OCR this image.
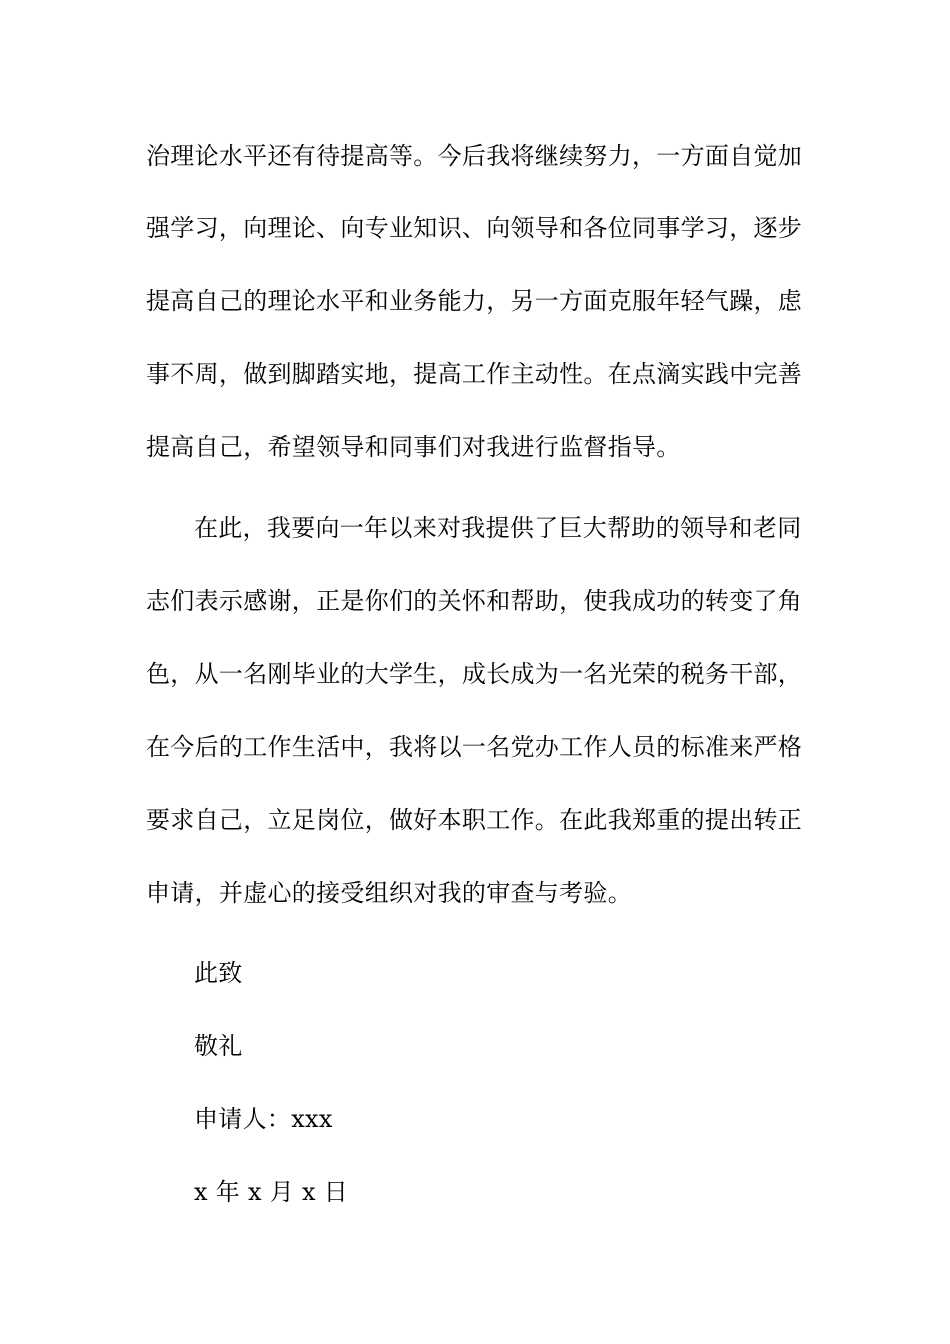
治理论水平还有待提高等。今后我将继续努力，一方面自觉加
强学习，向理论、向专业知识、向领导和各位同事学习，逐步
提高自己的理论水平和业务能力，另一方面克服年轻气躁，虑
事不周，做到脚踏实地，提高工作主动性。在点滴实践中完善
提高自己，希望领导和同事们对我进行监督指导。
在此，我要向一年以来对我提供了巨大帮助的领导和老同
志们表示感谢，正是你们的关怀和帮助，使我成功的转变了角
色，从一名刚毕业的大学生，成长成为一名光荣的税务干部，
在今后的工作生活中，我将以一名党办工作人员的标准来严格
要求自己，立足岗位，做好本职工作。在此我郑重的提出转正
申请，并虚心的接受组织对我的审查与考验。
此致
敬礼
申请人：xxx
x 年 x 月 x 日
